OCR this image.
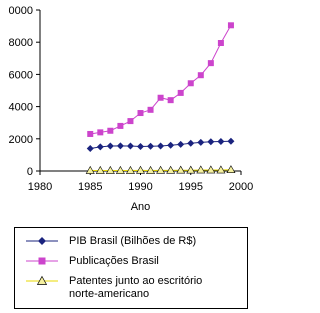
0
2000
4000
6000
8000
0000
1980 1985 1990 1995 2000
Ano
PIB Brasil (Bilhões de R$)
Publicações Brasil
Patentes junto ao escritório
norte-americano
